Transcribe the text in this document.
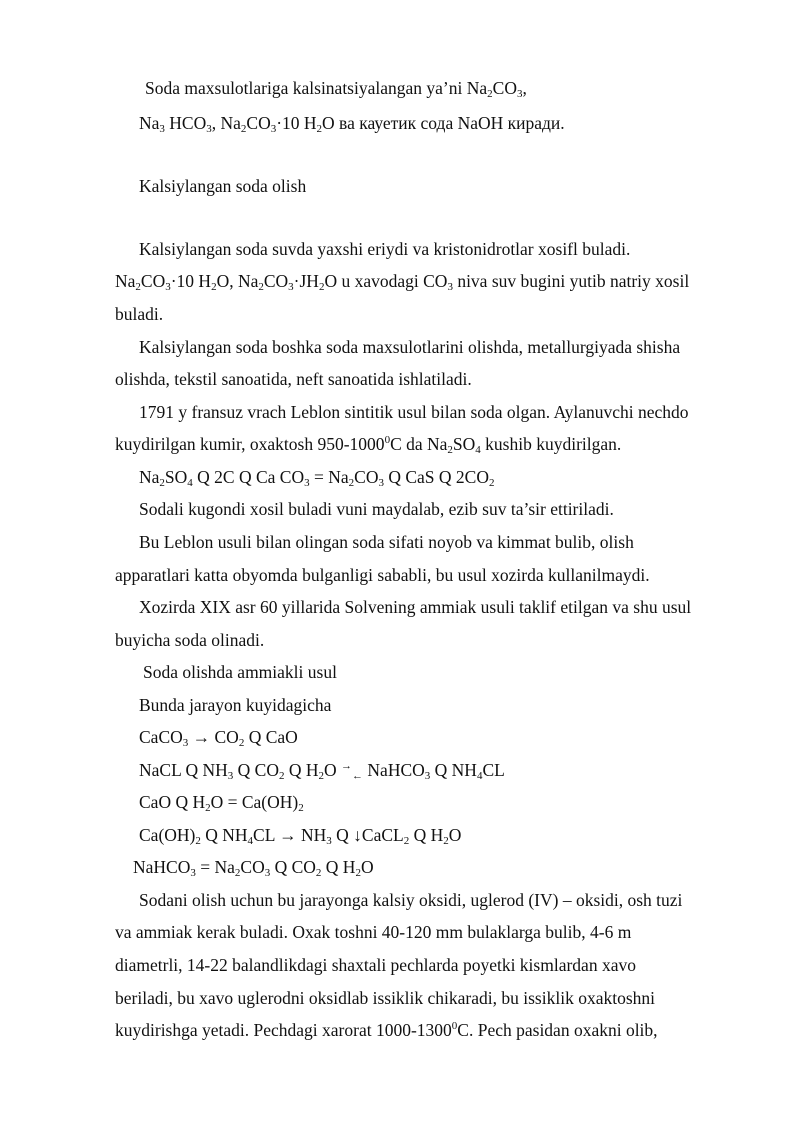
Soda maxsulotlariga kalsinatsiyalangan ya’ni $Na_2CO_3$,
$Na_3$ $HCO_3$, $Na_2CO_3\cdot 10$ $H_2O$ ва кауетик сода NaOH киради.
Kalsiylangan soda olish
Kalsiylangan soda suvda yaxshi eriydi va kristonidrotlar xosifl buladi.
$Na_2CO_3\cdot 10$ $H_2O$, $Na_2CO_3\cdot JH_2O$ u xavodagi $CO_3$ niva suv bugini yutib natriy xosil
buladi.
Kalsiylangan soda boshka soda maxsulotlarini olishda, metallurgiyada shisha
olishda, tekstil sanoatida, neft sanoatida ishlatiladi.
1791 y fransuz vrach Leblon sintitik usul bilan soda olgan. Aylanuvchi nechdo
kuydirilgan kumir, oxaktosh 950-1000$^0$C da $Na_2SO_4$ kushib kuydirilgan.
$Na_2SO_4$ Q 2C Q Ca $CO_3 = Na_2CO_3$ Q CaS Q $2CO_2$
Sodali kugondi xosil buladi vuni maydalab, ezib suv ta’sir ettiriladi.
Bu Leblon usuli bilan olingan soda sifati noyob va kimmat bulib, olish
apparatlari katta obyomda bulganligi sababli, bu usul xozirda kullanilmaydi.
Xozirda XIX asr 60 yillarida Solvening ammiak usuli taklif etilgan va shu usul
buyicha soda olinadi.
Soda olishda ammiakli usul
Bunda jarayon kuyidagicha
CaCO$_3$ → $CO_2$ Q CaO
NaCL Q $NH_3$ Q $CO_2$ Q $H_2O$ →$_\leftarrow$ NaHCO$_3$ Q $NH_4CL$
CaO Q $H_2O = Ca(OH)_2$
$Ca(OH)_2$ Q $NH_4CL \to NH_3$ Q ↓CaCL$_2$ Q $H_2O$
NaHCO$_3$ = $Na_2CO_3$ Q $CO_2$ Q $H_2O$
Sodani olish uchun bu jarayonga kalsiy oksidi, uglerod (IV) – oksidi, osh tuzi
va ammiak kerak buladi. Oxak toshni 40-120 mm bulaklarga bulib, 4-6 m
diametrli, 14-22 balandlikdagi shaxtali pechlarda poyetki kismlardan xavo
beriladi, bu xavo uglerodni oksidlab issiklik chikaradi, bu issiklik oxaktoshni
kuydirishga yetadi. Pechdagi xarorat 1000-1300$^0$C. Pech pasidan oxakni olib,
